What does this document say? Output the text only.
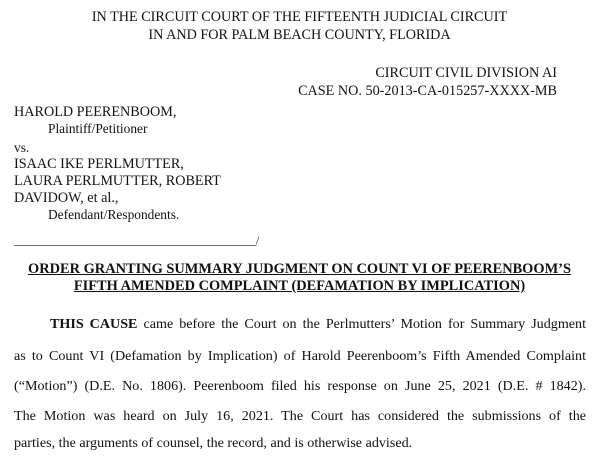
IN THE CIRCUIT COURT OF THE FIFTEENTH JUDICIAL CIRCUIT
IN AND FOR PALM BEACH COUNTY, FLORIDA
CIRCUIT CIVIL DIVISION AI
CASE NO. 50-2013-CA-015257-XXXX-MB
HAROLD PEERENBOOM,
Plaintiff/Petitioner
vs.
ISAAC IKE PERLMUTTER,
LAURA PERLMUTTER, ROBERT
DAVIDOW, et al.,
Defendant/Respondents.
____________________________________________/
ORDER GRANTING SUMMARY JUDGMENT ON COUNT VI OF PEERENBOOM’S
FIFTH AMENDED COMPLAINT (DEFAMATION BY IMPLICATION)
THIS CAUSE came before the Court on the Perlmutters’ Motion for Summary Judgment
as to Count VI (Defamation by Implication) of Harold Peerenboom’s Fifth Amended Complaint
(“Motion”) (D.E. No. 1806). Peerenboom filed his response on June 25, 2021 (D.E. # 1842).
The Motion was heard on July 16, 2021. The Court has considered the submissions of the
parties, the arguments of counsel, the record, and is otherwise advised.
